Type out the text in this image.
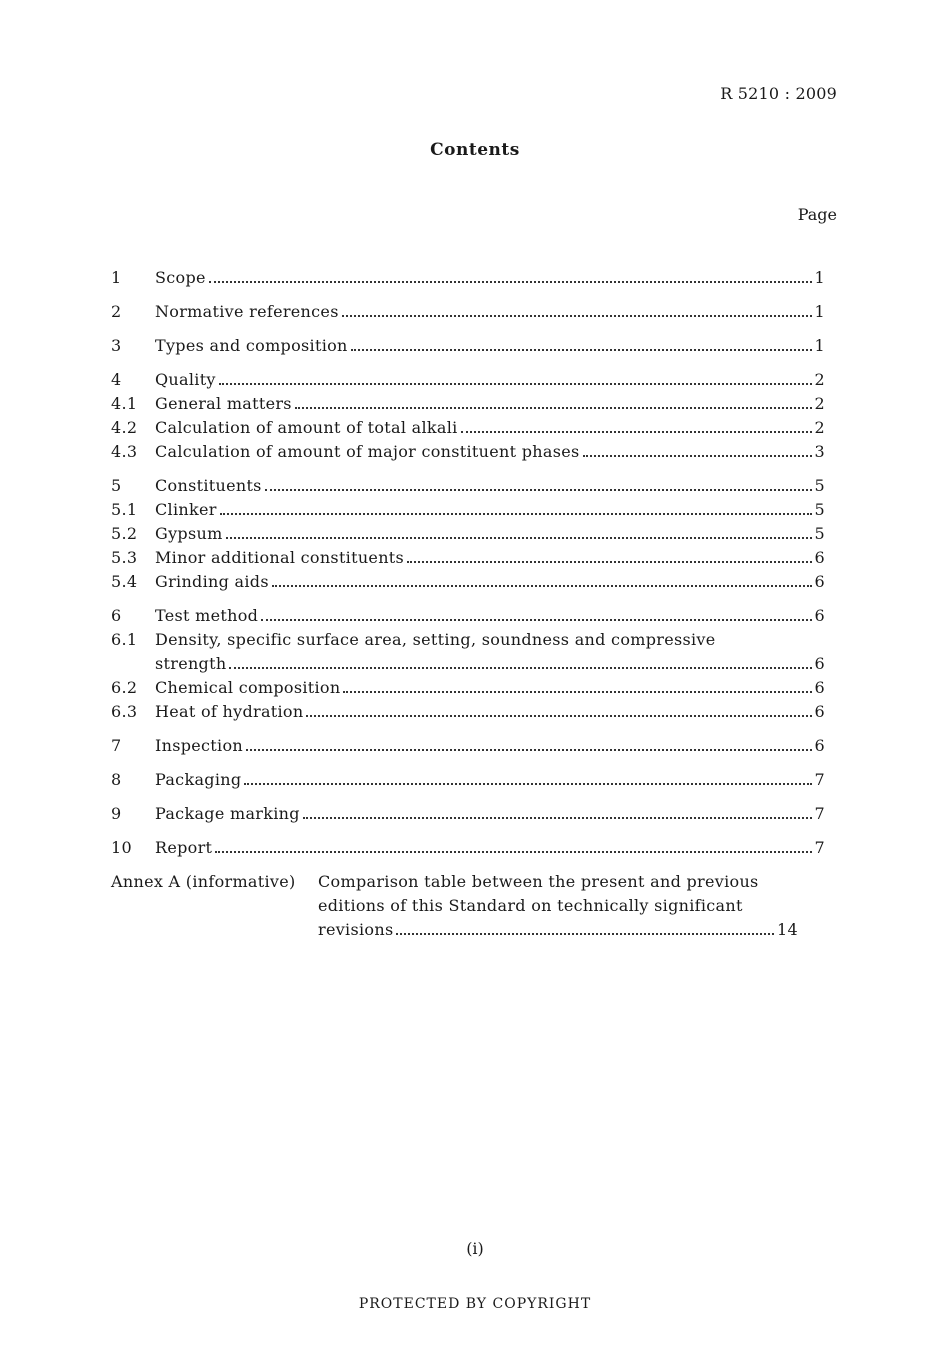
R 5210 : 2009
Contents
Page
1	Scope	1
2	Normative references	1
3	Types and composition	1
4	Quality	2
4.1	General matters	2
4.2	Calculation of amount of total alkali	2
4.3	Calculation of amount of major constituent phases	3
5	Constituents	5
5.1	Clinker	5
5.2	Gypsum	5
5.3	Minor additional constituents	6
5.4	Grinding aids	6
6	Test method	6
6.1	Density, specific surface area, setting, soundness and compressive
strength	6
6.2	Chemical composition	6
6.3	Heat of hydration	6
7	Inspection	6
8	Packaging	7
9	Package marking	7
10	Report	7
Annex A (informative)	Comparison table between the present and previous
editions of this Standard on technically significant
revisions	14
(i)
PROTECTED BY COPYRIGHT
